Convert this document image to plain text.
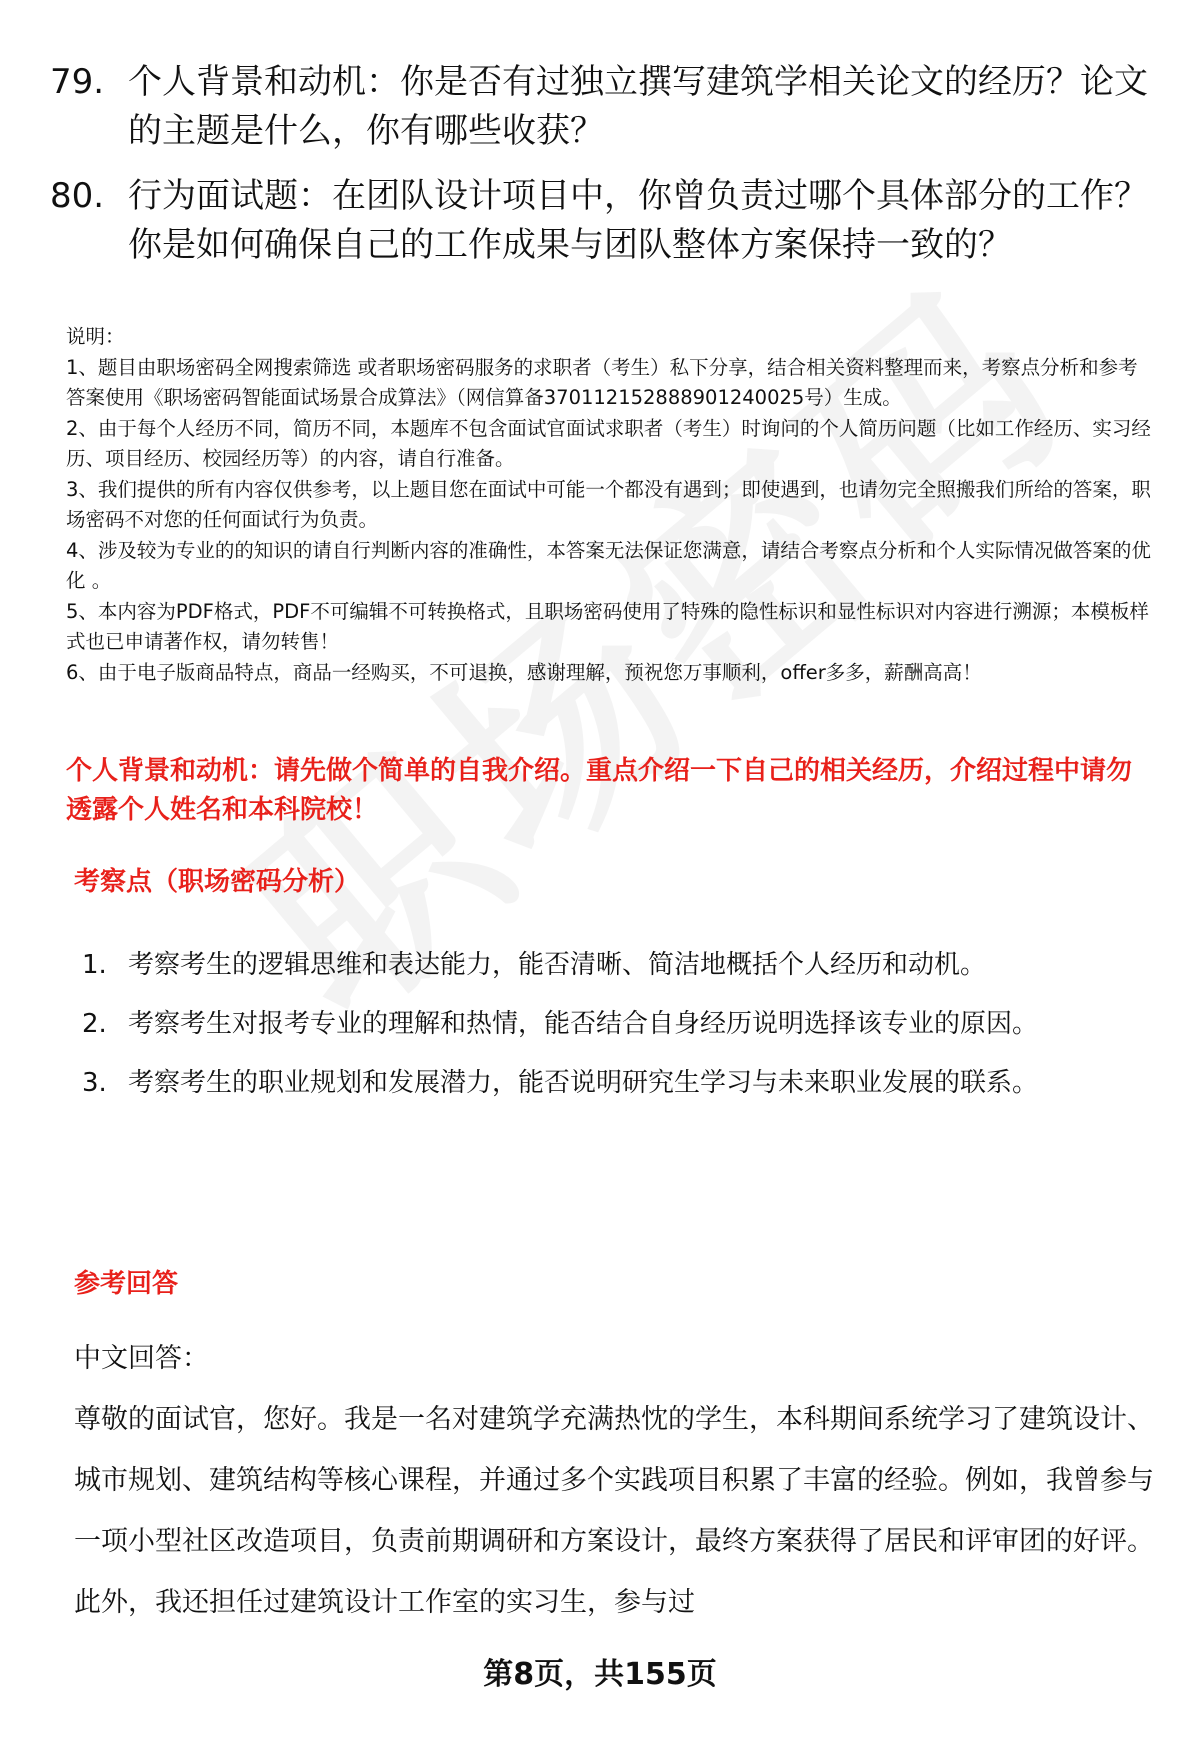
79. 个人背景和动机：你是否有过独立撰写建筑学相关论文的经历？论文的主题是什么，你有哪些收获？
80. 行为面试题：在团队设计项目中，你曾负责过哪个具体部分的工作？你是如何确保自己的工作成果与团队整体方案保持一致的？
说明：
1、题目由职场密码全网搜索筛选 或者职场密码服务的求职者（考生）私下分享，结合相关资料整理而来，考察点分析和参考答案使用《职场密码智能面试场景合成算法》（网信算备370112152888901240025号）生成。
2、由于每个人经历不同，简历不同，本题库不包含面试官面试求职者（考生）时询问的个人简历问题（比如工作经历、实习经历、项目经历、校园经历等）的内容，请自行准备。
3、我们提供的所有内容仅供参考，以上题目您在面试中可能一个都没有遇到；即使遇到，也请勿完全照搬我们所给的答案，职场密码不对您的任何面试行为负责。
4、涉及较为专业的的知识的请自行判断内容的准确性，本答案无法保证您满意，请结合考察点分析和个人实际情况做答案的优化 。
5、本内容为PDF格式，PDF不可编辑不可转换格式，且职场密码使用了特殊的隐性标识和显性标识对内容进行溯源；本模板样式也已申请著作权，请勿转售！
6、由于电子版商品特点，商品一经购买，不可退换，感谢理解，预祝您万事顺利，offer多多，薪酬高高！
个人背景和动机：请先做个简单的自我介绍。重点介绍一下自己的相关经历，介绍过程中请勿透露个人姓名和本科院校！
考察点（职场密码分析）
1. 考察考生的逻辑思维和表达能力，能否清晰、简洁地概括个人经历和动机。
2. 考察考生对报考专业的理解和热情，能否结合自身经历说明选择该专业的原因。
3. 考察考生的职业规划和发展潜力，能否说明研究生学习与未来职业发展的联系。
参考回答

中文回答：

尊敬的面试官，您好。我是一名对建筑学充满热忱的学生，本科期间系统学习了建筑设计、城市规划、建筑结构等核心课程，并通过多个实践项目积累了丰富的经验。例如，我曾参与一项小型社区改造项目，负责前期调研和方案设计，最终方案获得了居民和评审团的好评。此外，我还担任过建筑设计工作室的实习生，参与过

第8页，共155页
